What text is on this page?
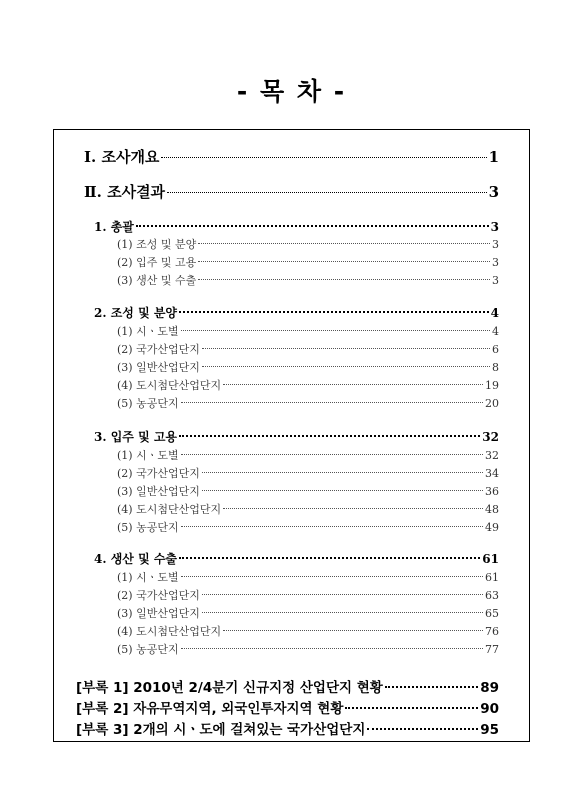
- 목 차 -
Ⅰ. 조사개요	1
Ⅱ. 조사결과	3
1. 총괄	3
(1) 조성 및 분양	3
(2) 입주 및 고용	3
(3) 생산 및 수출	3
2. 조성 및 분양	4
(1) 시ㆍ도별	4
(2) 국가산업단지	6
(3) 일반산업단지	8
(4) 도시첨단산업단지	19
(5) 농공단지	20
3. 입주 및 고용	32
(1) 시ㆍ도별	32
(2) 국가산업단지	34
(3) 일반산업단지	36
(4) 도시첨단산업단지	48
(5) 농공단지	49
4. 생산 및 수출	61
(1) 시ㆍ도별	61
(2) 국가산업단지	63
(3) 일반산업단지	65
(4) 도시첨단산업단지	76
(5) 농공단지	77
[부록 1] 2010년 2/4분기 신규지정 산업단지 현황	89
[부록 2] 자유무역지역, 외국인투자지역 현황	90
[부록 3] 2개의 시ㆍ도에 걸쳐있는 국가산업단지	95
